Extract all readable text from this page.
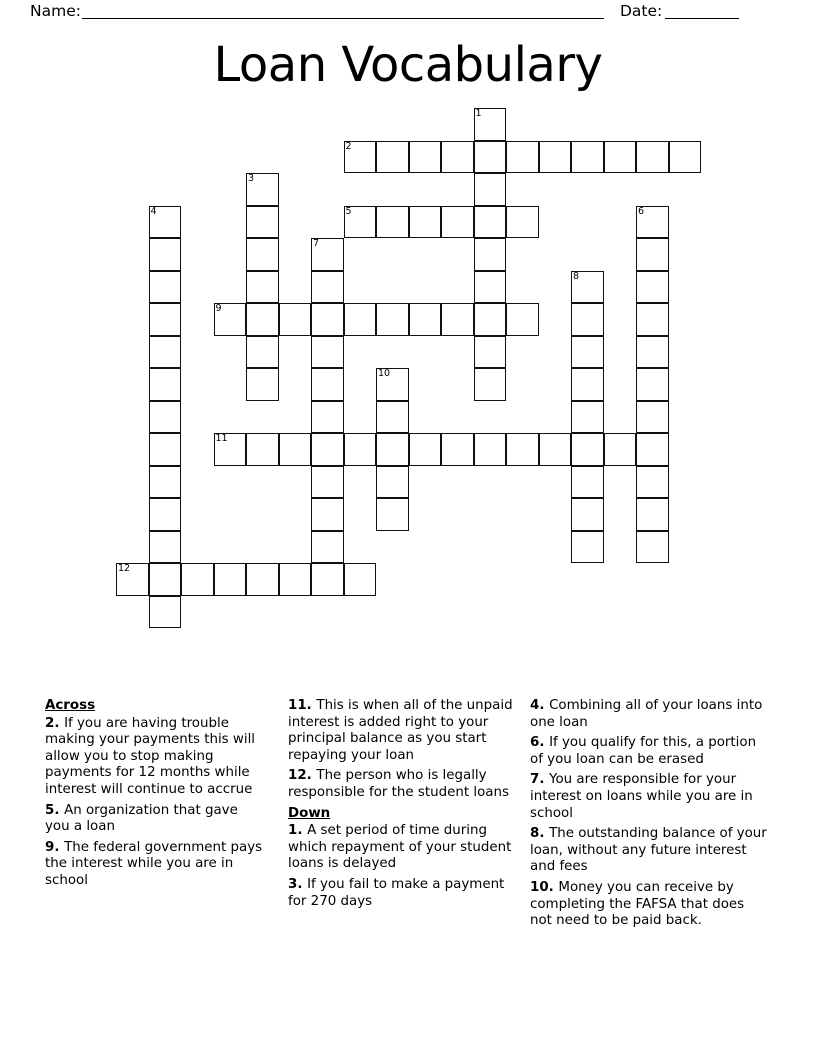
Name:	Date:
Loan Vocabulary
1
2
3
4	5	6
7
8
9
10
11
12
Across
2. If you are having trouble making your payments this will allow you to stop making payments for 12 months while interest will continue to accrue
5. An organization that gave you a loan
9. The federal government pays the interest while you are in school
11. This is when all of the unpaid interest is added right to your principal balance as you start repaying your loan
12. The person who is legally responsible for the student loans
Down
1. A set period of time during which repayment of your student loans is delayed
3. If you fail to make a payment for 270 days
4. Combining all of your loans into one loan
6. If you qualify for this, a portion of you loan can be erased
7. You are responsible for your interest on loans while you are in school
8. The outstanding balance of your loan, without any future interest and fees
10. Money you can receive by completing the FAFSA that does not need to be paid back.
